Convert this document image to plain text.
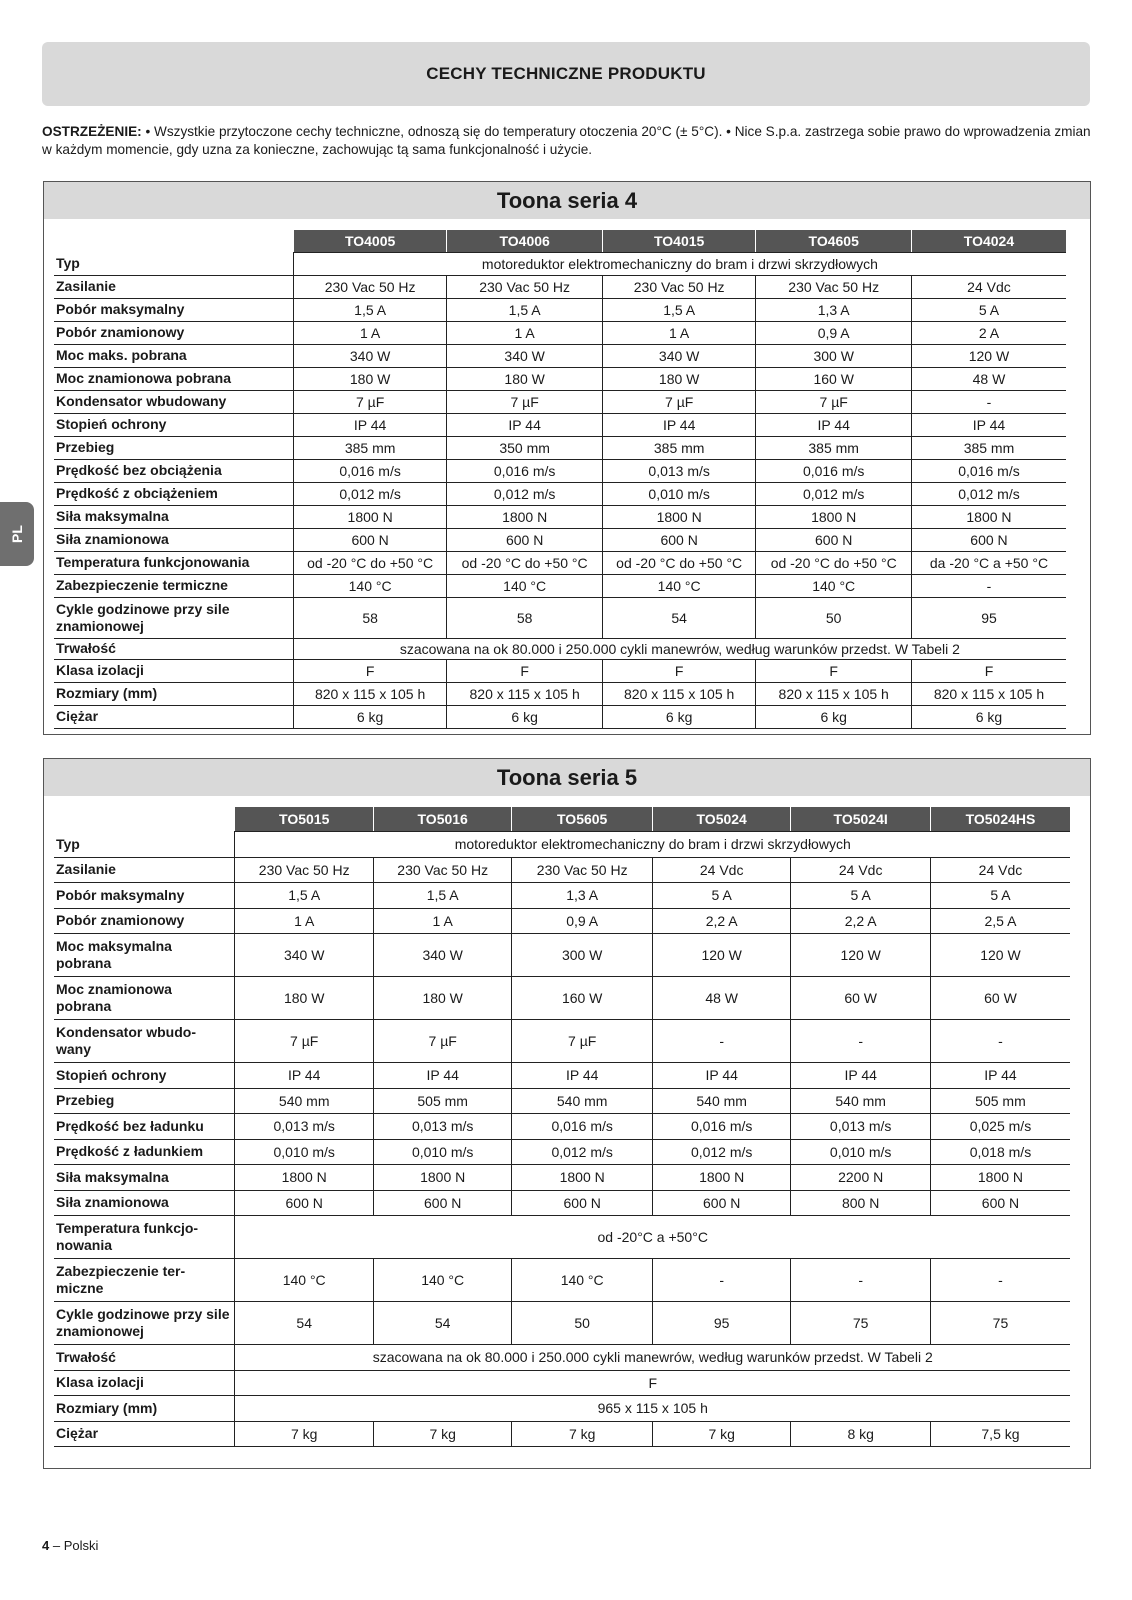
CECHY TECHNICZNE PRODUKTU
OSTRZEŻENIE: • Wszystkie przytoczone cechy techniczne, odnoszą się do temperatury otoczenia 20°C (± 5°C). • Nice S.p.a. zastrzega sobie prawo do wprowadzenia zmian w każdym momencie, gdy uzna za konieczne, zachowując tą sama funkcjonalność i użycie.
PL
Toona seria 4
	TO4005	TO4006	TO4015	TO4605	TO4024
Typ	motoreduktor elektromechaniczny do bram i drzwi skrzydłowych				
Zasilanie	230 Vac 50 Hz	230 Vac 50 Hz	230 Vac 50 Hz	230 Vac 50 Hz	24 Vdc
Pobór maksymalny	1,5 A	1,5 A	1,5 A	1,3 A	5 A
Pobór znamionowy	1 A	1 A	1 A	0,9 A	2 A
Moc maks. pobrana	340 W	340 W	340 W	300 W	120 W
Moc znamionowa pobrana	180 W	180 W	180 W	160 W	48 W
Kondensator wbudowany	7 µF	7 µF	7 µF	7 µF	-
Stopień ochrony	IP 44	IP 44	IP 44	IP 44	IP 44
Przebieg	385 mm	350 mm	385 mm	385 mm	385 mm
Prędkość bez obciążenia	0,016 m/s	0,016 m/s	0,013 m/s	0,016 m/s	0,016 m/s
Prędkość z obciążeniem	0,012 m/s	0,012 m/s	0,010 m/s	0,012 m/s	0,012 m/s
Siła maksymalna	1800 N	1800 N	1800 N	1800 N	1800 N
Siła znamionowa	600 N	600 N	600 N	600 N	600 N
Temperatura funkcjonowania	od -20 °C do +50 °C	od -20 °C do +50 °C	od -20 °C do +50 °C	od -20 °C do +50 °C	da -20 °C a +50 °C
Zabezpieczenie termiczne	140 °C	140 °C	140 °C	140 °C	-
Cykle godzinowe przy sile znamionowej	58	58	54	50	95
Trwałość	szacowana na ok 80.000 i 250.000 cykli manewrów, według warunków przedst. W Tabeli 2				
Klasa izolacji	F	F	F	F	F
Rozmiary (mm)	820 x 115 x 105 h	820 x 115 x 105 h	820 x 115 x 105 h	820 x 115 x 105 h	820 x 115 x 105 h
Ciężar	6 kg	6 kg	6 kg	6 kg	6 kg
Toona seria 5
	TO5015	TO5016	TO5605	TO5024	TO5024I	TO5024HS
Typ	motoreduktor elektromechaniczny do bram i drzwi skrzydłowych					
Zasilanie	230 Vac 50 Hz	230 Vac 50 Hz	230 Vac 50 Hz	24 Vdc	24 Vdc	24 Vdc
Pobór maksymalny	1,5 A	1,5 A	1,3 A	5 A	5 A	5 A
Pobór znamionowy	1 A	1 A	0,9 A	2,2 A	2,2 A	2,5 A
Moc maksymalna pobrana	340 W	340 W	300 W	120 W	120 W	120 W
Moc znamionowa pobrana	180 W	180 W	160 W	48 W	60 W	60 W
Kondensator wbudo-wany	7 µF	7 µF	7 µF	-	-	-
Stopień ochrony	IP 44	IP 44	IP 44	IP 44	IP 44	IP 44
Przebieg	540 mm	505 mm	540 mm	540 mm	540 mm	505 mm
Prędkość bez ładunku	0,013 m/s	0,013 m/s	0,016 m/s	0,016 m/s	0,013 m/s	0,025 m/s
Prędkość z ładunkiem	0,010 m/s	0,010 m/s	0,012 m/s	0,012 m/s	0,010 m/s	0,018 m/s
Siła maksymalna	1800 N	1800 N	1800 N	1800 N	2200 N	1800 N
Siła znamionowa	600 N	600 N	600 N	600 N	800 N	600 N
Temperatura funkcjo-nowania	od -20°C a +50°C					
Zabezpieczenie ter-miczne	140 °C	140 °C	140 °C	-	-	-
Cykle godzinowe przy sile znamionowej	54	54	50	95	75	75
Trwałość	szacowana na ok 80.000 i 250.000 cykli manewrów, według warunków przedst. W Tabeli 2					
Klasa izolacji	F					
Rozmiary (mm)	965 x 115 x 105 h					
Ciężar	7 kg	7 kg	7 kg	7 kg	8 kg	7,5 kg
4 – Polski
